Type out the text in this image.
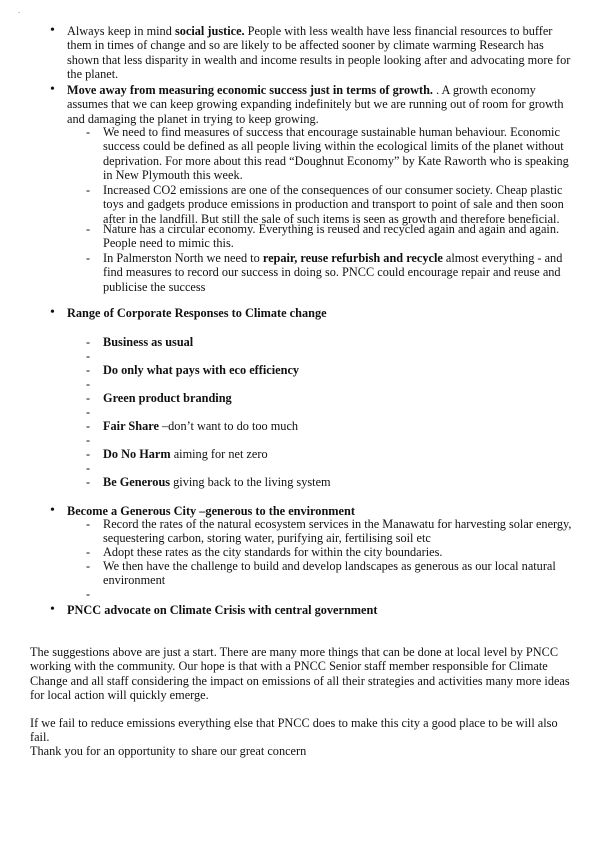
`
• Always keep in mind social justice. People with less wealth have less financial resources to buffer them in times of change and so are likely to be affected sooner by climate warming Research has shown that less disparity in wealth and income results in people looking after and advocating more for the planet.
• Move away from measuring economic success just in terms of growth. . A growth economy assumes that we can keep growing expanding indefinitely but we are running out of room for growth and damaging the planet in trying to keep growing.
- We need to find measures of success that encourage sustainable human behaviour. Economic success could be defined as all people living within the ecological limits of the planet without deprivation. For more about this read “Doughnut Economy” by Kate Raworth who is speaking in New Plymouth this week.
- Increased CO2 emissions are one of the consequences of our consumer society. Cheap plastic toys and gadgets produce emissions in production and transport to point of sale and then soon after in the landfill. But still the sale of such items is seen as growth and therefore beneficial.
- Nature has a circular economy. Everything is reused and recycled again and again and again. People need to mimic this.
- In Palmerston North we need to repair, reuse refurbish and recycle almost everything - and find measures to record our success in doing so. PNCC could encourage repair and reuse and publicise the success
• Range of Corporate Responses to Climate change
- Business as usual
-
- Do only what pays with eco efficiency
-
- Green product branding
-
- Fair Share –don’t want to do too much
-
- Do No Harm aiming for net zero
-
- Be Generous giving back to the living system
• Become a Generous City –generous to the environment
- Record the rates of the natural ecosystem services in the Manawatu for harvesting solar energy, sequestering carbon, storing water, purifying air, fertilising soil etc
- Adopt these rates as the city standards for within the city boundaries.
- We then have the challenge to build and develop landscapes as generous as our local natural environment
-
• PNCC advocate on Climate Crisis with central government

The suggestions above are just a start. There are many more things that can be done at local level by PNCC working with the community. Our hope is that with a PNCC Senior staff member responsible for Climate Change and all staff considering the impact on emissions of all their strategies and activities many more ideas for local action will quickly emerge.

If we fail to reduce emissions everything else that PNCC does to make this city a good place to be will also fail.

Thank you for an opportunity to share our great concern
